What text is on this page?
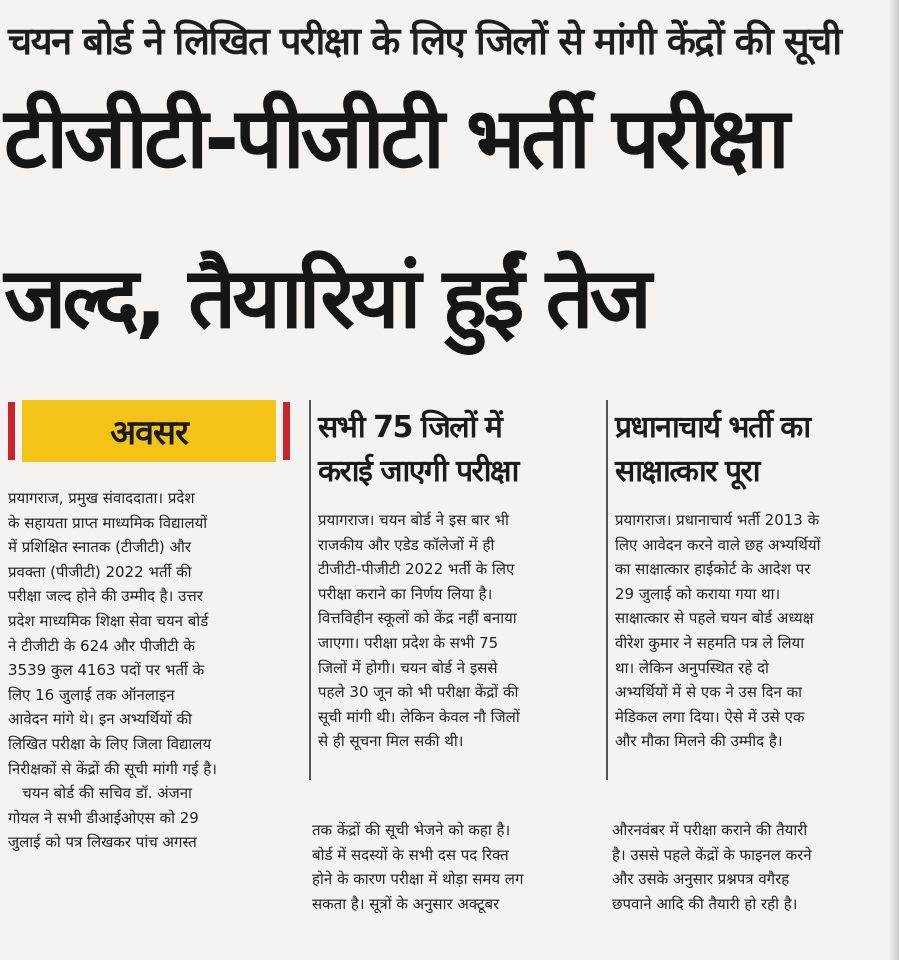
चयन बोर्ड ने लिखित परीक्षा के लिए जिलों से मांगी केंद्रों की सूची
टीजीटी-पीजीटी भर्ती परीक्षा
जल्द, तैयारियां हुईं तेज
अवसर
प्रयागराज, प्रमुख संवाददाता। प्रदेश
के सहायता प्राप्त माध्यमिक विद्यालयों
में प्रशिक्षित स्नातक (टीजीटी) और
प्रवक्ता (पीजीटी) 2022 भर्ती की
परीक्षा जल्द होने की उम्मीद है। उत्तर
प्रदेश माध्यमिक शिक्षा सेवा चयन बोर्ड
ने टीजीटी के 624 और पीजीटी के
3539 कुल 4163 पदों पर भर्ती के
लिए 16 जुलाई तक ऑनलाइन
आवेदन मांगे थे। इन अभ्यर्थियों की
लिखित परीक्षा के लिए जिला विद्यालय
निरीक्षकों से केंद्रों की सूची मांगी गई है।
चयन बोर्ड की सचिव डॉ. अंजना
गोयल ने सभी डीआईओएस को 29
जुलाई को पत्र लिखकर पांच अगस्त
सभी 75 जिलों में
कराई जाएगी परीक्षा
प्रयागराज। चयन बोर्ड ने इस बार भी
राजकीय और एडेड कॉलेजों में ही
टीजीटी-पीजीटी 2022 भर्ती के लिए
परीक्षा कराने का निर्णय लिया है।
वित्तविहीन स्कूलों को केंद्र नहीं बनाया
जाएगा। परीक्षा प्रदेश के सभी 75
जिलों में होगी। चयन बोर्ड ने इससे
पहले 30 जून को भी परीक्षा केंद्रों की
सूची मांगी थी। लेकिन केवल नौ जिलों
से ही सूचना मिल सकी थी।
तक केंद्रों की सूची भेजने को कहा है।
बोर्ड में सदस्यों के सभी दस पद रिक्त
होने के कारण परीक्षा में थोड़ा समय लग
सकता है। सूत्रों के अनुसार अक्टूबर
प्रधानाचार्य भर्ती का
साक्षात्कार पूरा
प्रयागराज। प्रधानाचार्य भर्ती 2013 के
लिए आवेदन करने वाले छह अभ्यर्थियों
का साक्षात्कार हाईकोर्ट के आदेश पर
29 जुलाई को कराया गया था।
साक्षात्कार से पहले चयन बोर्ड अध्यक्ष
वीरेश कुमार ने सहमति पत्र ले लिया
था। लेकिन अनुपस्थित रहे दो
अभ्यर्थियों में से एक ने उस दिन का
मेडिकल लगा दिया। ऐसे में उसे एक
और मौका मिलने की उम्मीद है।
औरनवंबर में परीक्षा कराने की तैयारी
है। उससे पहले केंद्रों के फाइनल करने
और उसके अनुसार प्रश्नपत्र वगैरह
छपवाने आदि की तैयारी हो रही है।
